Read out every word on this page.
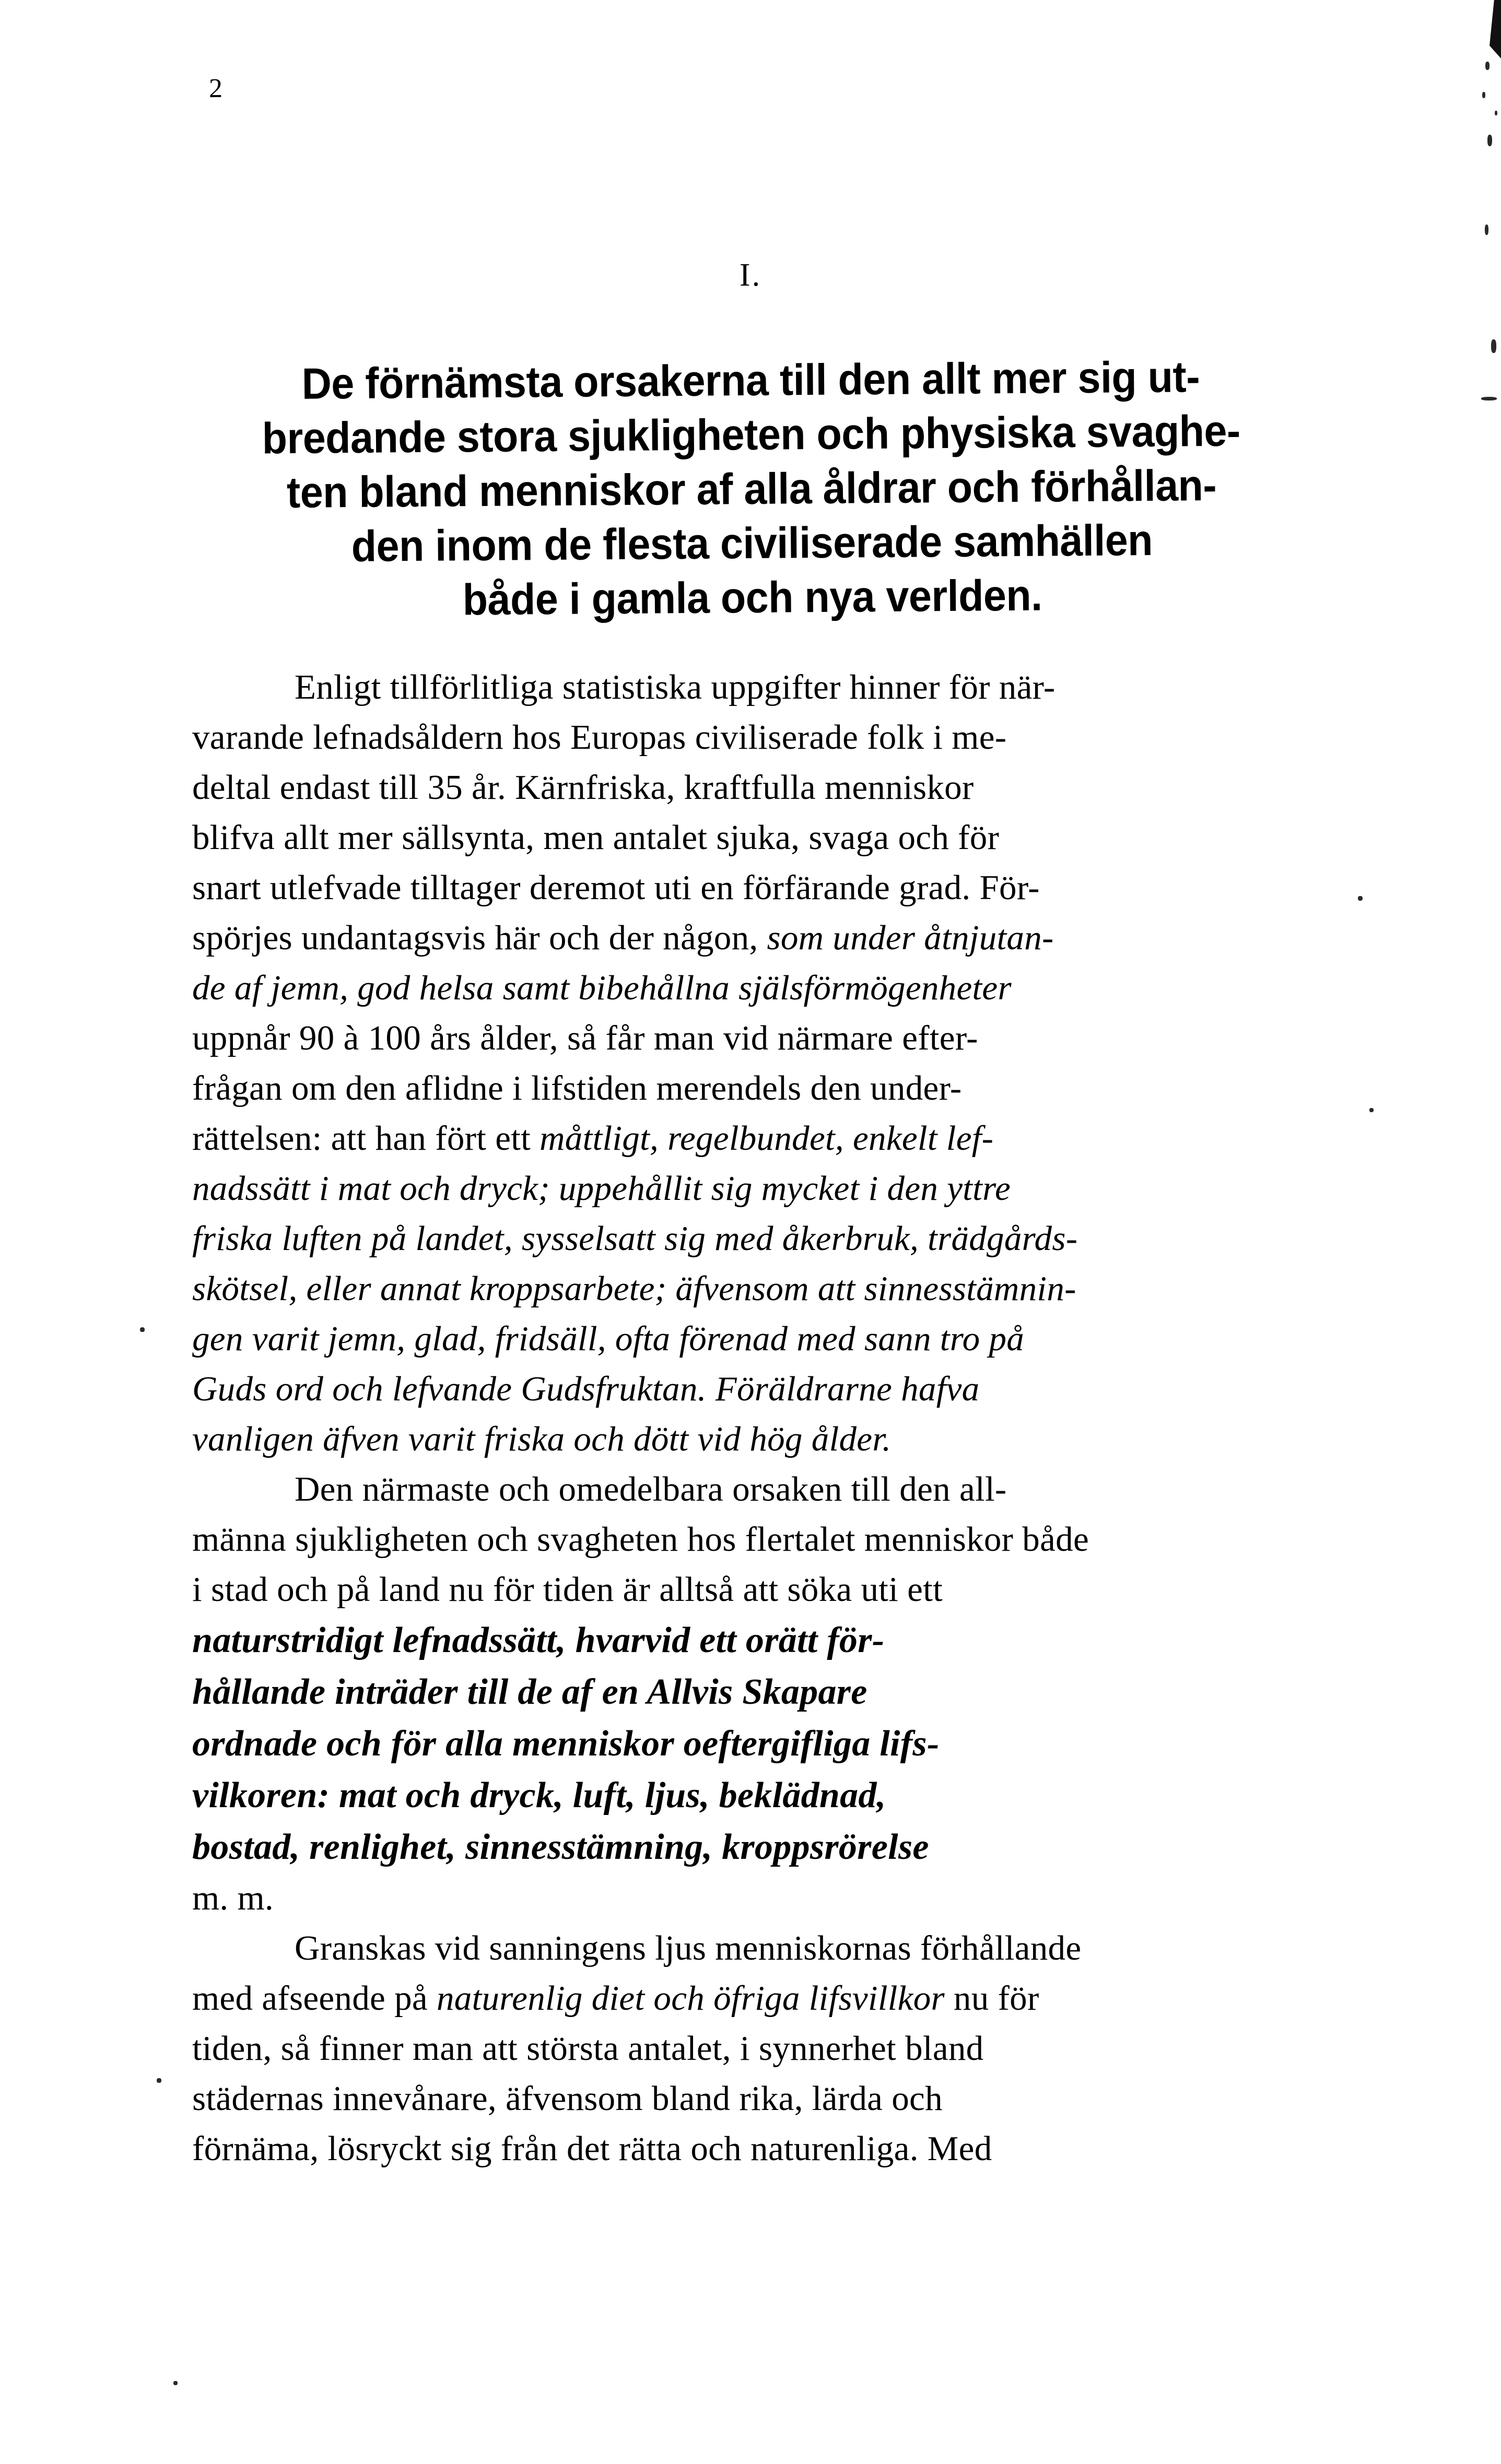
2
I.
De förnämsta orsakerna till den allt mer sig ut-
bredande stora sjukligheten och physiska svaghe-
ten bland menniskor af alla åldrar och förhållan-
den inom de flesta civiliserade samhällen
både i gamla och nya verlden.
Enligt tillförlitliga statistiska uppgifter hinner för när-
varande lefnadsåldern hos Europas civiliserade folk i me-
deltal endast till 35 år. Kärnfriska, kraftfulla menniskor
blifva allt mer sällsynta, men antalet sjuka, svaga och för
snart utlefvade tilltager deremot uti en förfärande grad. För-
spörjes undantagsvis här och der någon, som under åtnjutan-
de af jemn, god helsa samt bibehållna själsförmögenheter
uppnår 90 à 100 års ålder, så får man vid närmare efter-
frågan om den aflidne i lifstiden merendels den under-
rättelsen: att han fört ett måttligt, regelbundet, enkelt lef-
nadssätt i mat och dryck; uppehållit sig mycket i den yttre
friska luften på landet, sysselsatt sig med åkerbruk, trädgårds-
skötsel, eller annat kroppsarbete; äfvensom att sinnesstämnin-
gen varit jemn, glad, fridsäll, ofta förenad med sann tro på
Guds ord och lefvande Gudsfruktan. Föräldrarne hafva
vanligen äfven varit friska och dött vid hög ålder.
Den närmaste och omedelbara orsaken till den all-
männa sjukligheten och svagheten hos flertalet menniskor både
i stad och på land nu för tiden är alltså att söka uti ett
naturstridigt lefnadssätt, hvarvid ett orätt för-
hållande inträder till de af en Allvis Skapare
ordnade och för alla menniskor oeftergifliga lifs-
vilkoren: mat och dryck, luft, ljus, beklädnad,
bostad, renlighet, sinnesstämning, kroppsrörelse
m. m.
Granskas vid sanningens ljus menniskornas förhållande
med afseende på naturenlig diet och öfriga lifsvillkor nu för
tiden, så finner man att största antalet, i synnerhet bland
städernas innevånare, äfvensom bland rika, lärda och
förnäma, lösryckt sig från det rätta och naturenliga. Med
